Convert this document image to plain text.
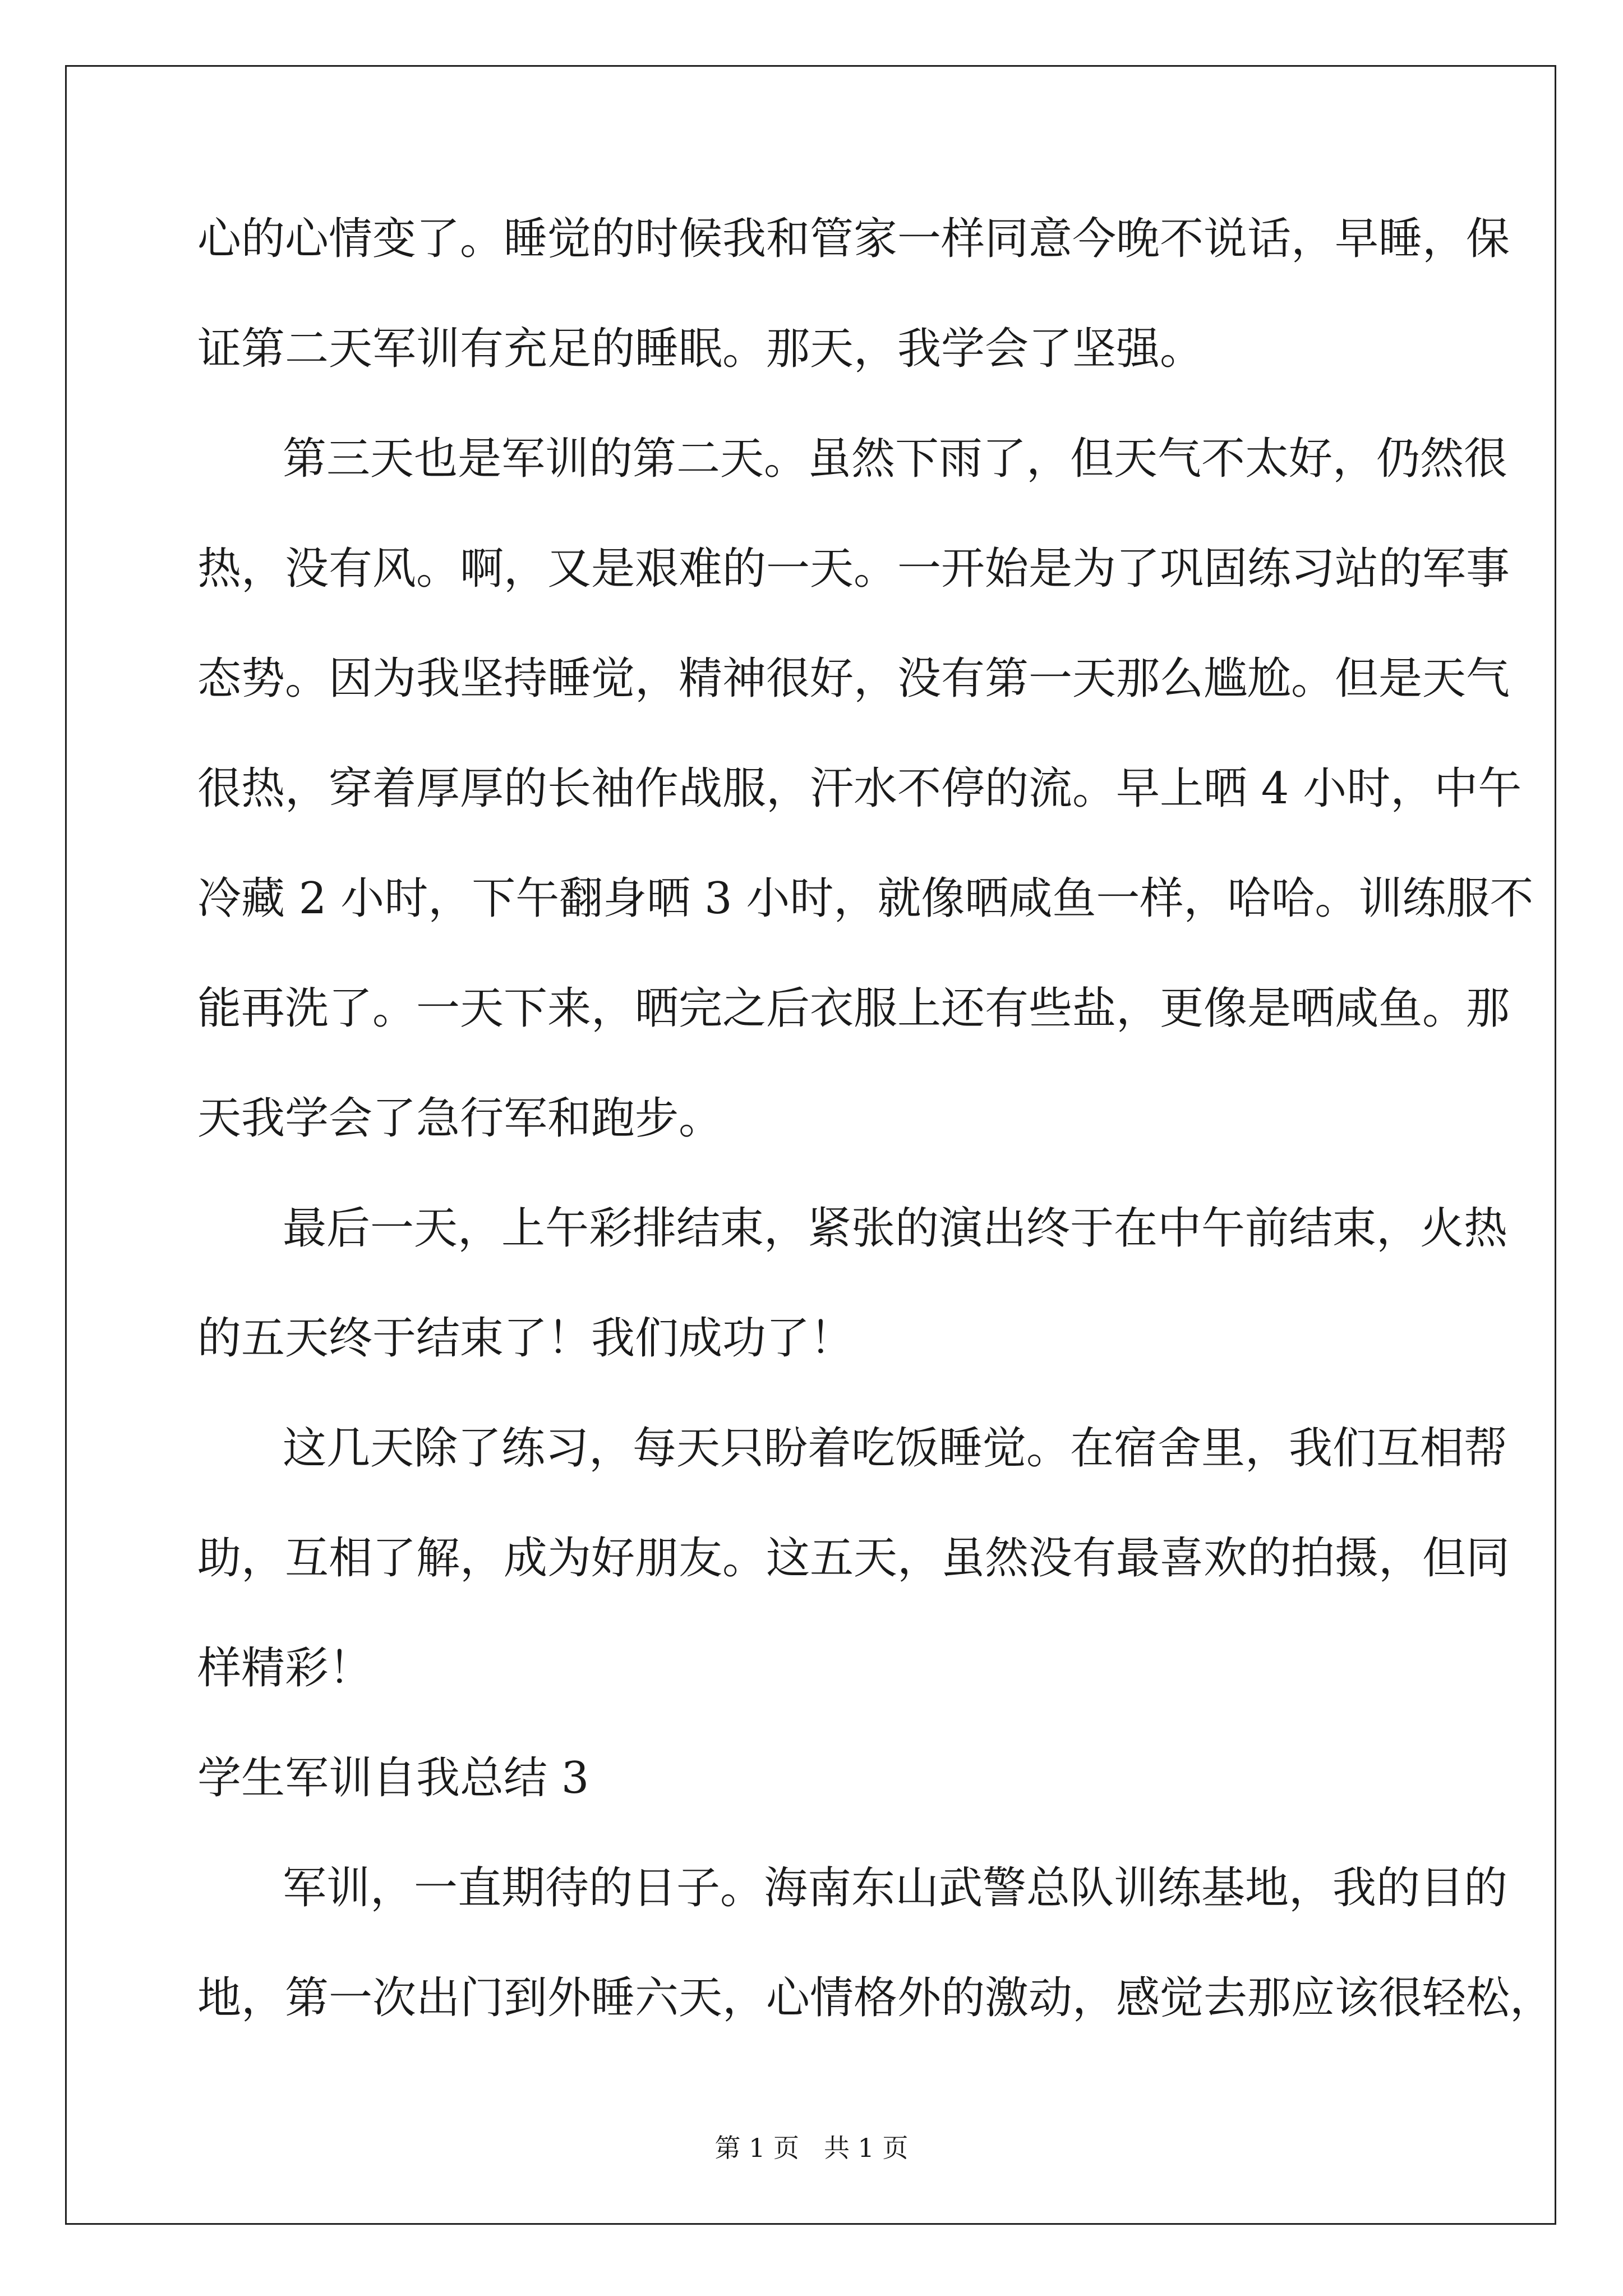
心的心情变了。睡觉的时候我和管家一样同意今晚不说话，早睡，保
证第二天军训有充足的睡眠。那天，我学会了坚强。
第三天也是军训的第二天。虽然下雨了，但天气不太好，仍然很
热，没有风。啊，又是艰难的一天。一开始是为了巩固练习站的军事
态势。因为我坚持睡觉，精神很好，没有第一天那么尴尬。但是天气
很热，穿着厚厚的长袖作战服，汗水不停的流。早上晒 4 小时，中午
冷藏 2 小时，下午翻身晒 3 小时，就像晒咸鱼一样，哈哈。训练服不
能再洗了。一天下来，晒完之后衣服上还有些盐，更像是晒咸鱼。那
天我学会了急行军和跑步。
最后一天，上午彩排结束，紧张的演出终于在中午前结束，火热
的五天终于结束了！我们成功了！
这几天除了练习，每天只盼着吃饭睡觉。在宿舍里，我们互相帮
助，互相了解，成为好朋友。这五天，虽然没有最喜欢的拍摄，但同
样精彩！
学生军训自我总结 3
军训，一直期待的日子。海南东山武警总队训练基地，我的目的
地，第一次出门到外睡六天，心情格外的激动，感觉去那应该很轻松，
第 1 页 共 1 页
